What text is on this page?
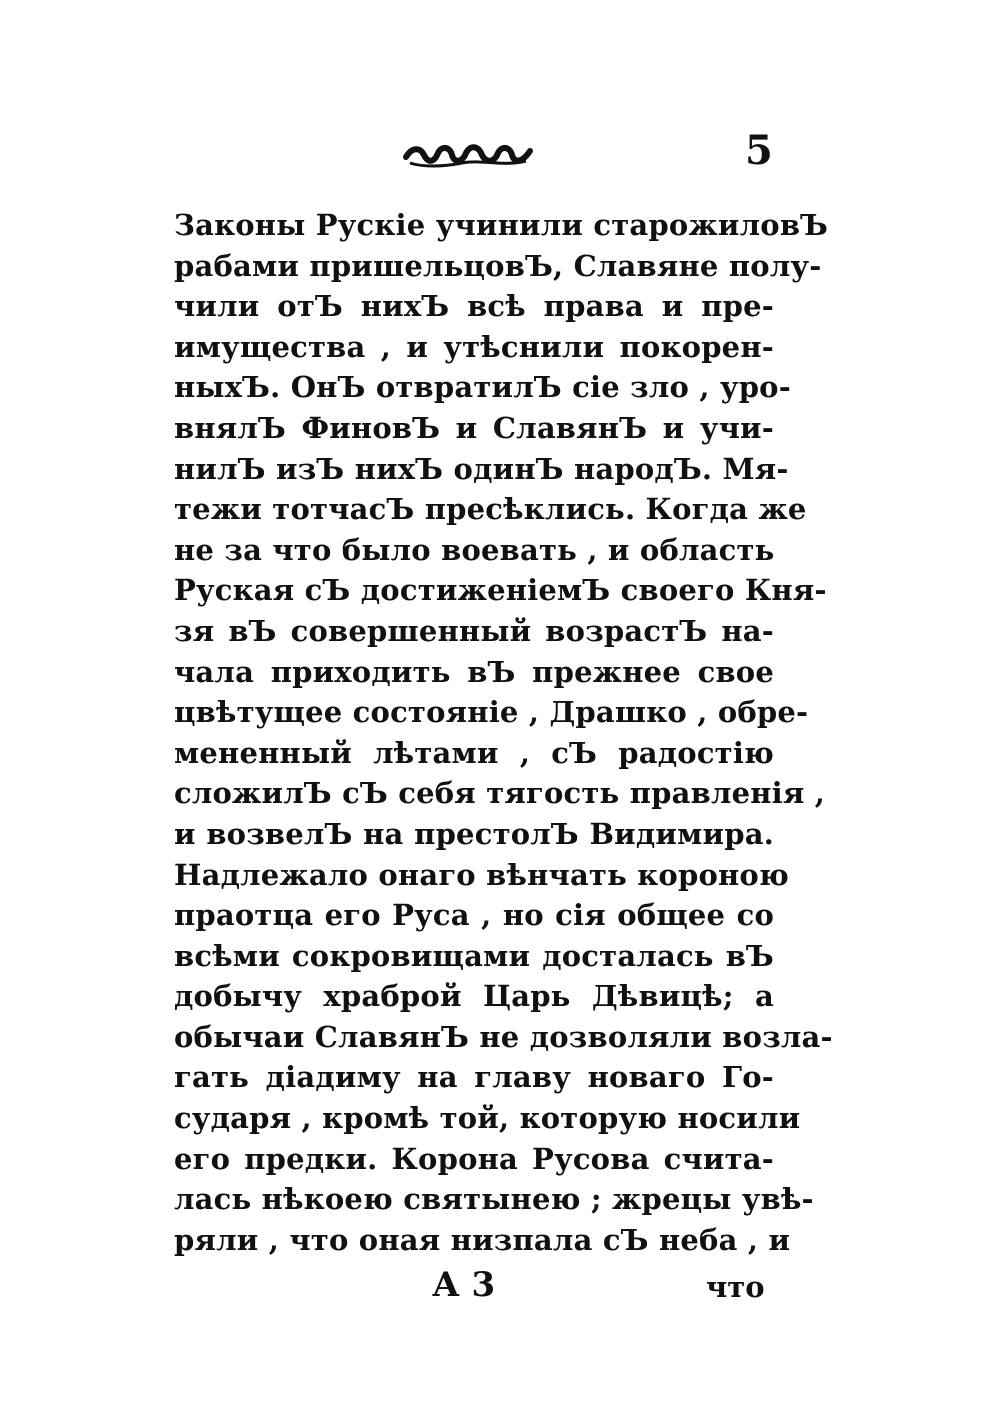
5
Законы Рускіе учинили старожиловЪ
рабами пришельцовЪ, Славяне полу-
чили отЪ нихЪ всѣ права и пре-
имущества , и утѣснили покорен-
ныхЪ. ОнЪ отвратилЪ сіе зло , уро-
внялЪ ФиновЪ и СлавянЪ и учи-
нилЪ изЪ нихЪ одинЪ народЪ. Мя-
тежи тотчасЪ пресѣклись. Когда же
не за что было воевать , и область
Руская сЪ достиженіемЪ своего Кня-
зя вЪ совершенный возрастЪ на-
чала приходить вЪ прежнее свое
цвѣтущее состояніе , Драшко , обре-
мененный лѣтами , сЪ радостію
сложилЪ сЪ себя тягость правленія ,
и возвелЪ на престолЪ Видимира.
Надлежало онаго вѣнчать короною
праотца его Руса , но сія общее со
всѣми сокровищами досталась вЪ
добычу храброй Царь Дѣвицѣ; а
обычаи СлавянЪ не дозволяли возла-
гать діадиму на главу новаго Го-
сударя , кромѣ той, которую носили
его предки. Корона Русова счита-
лась нѣкоею святынею ; жрецы увѣ-
ряли , что оная низпала сЪ неба , и
А 3	что
